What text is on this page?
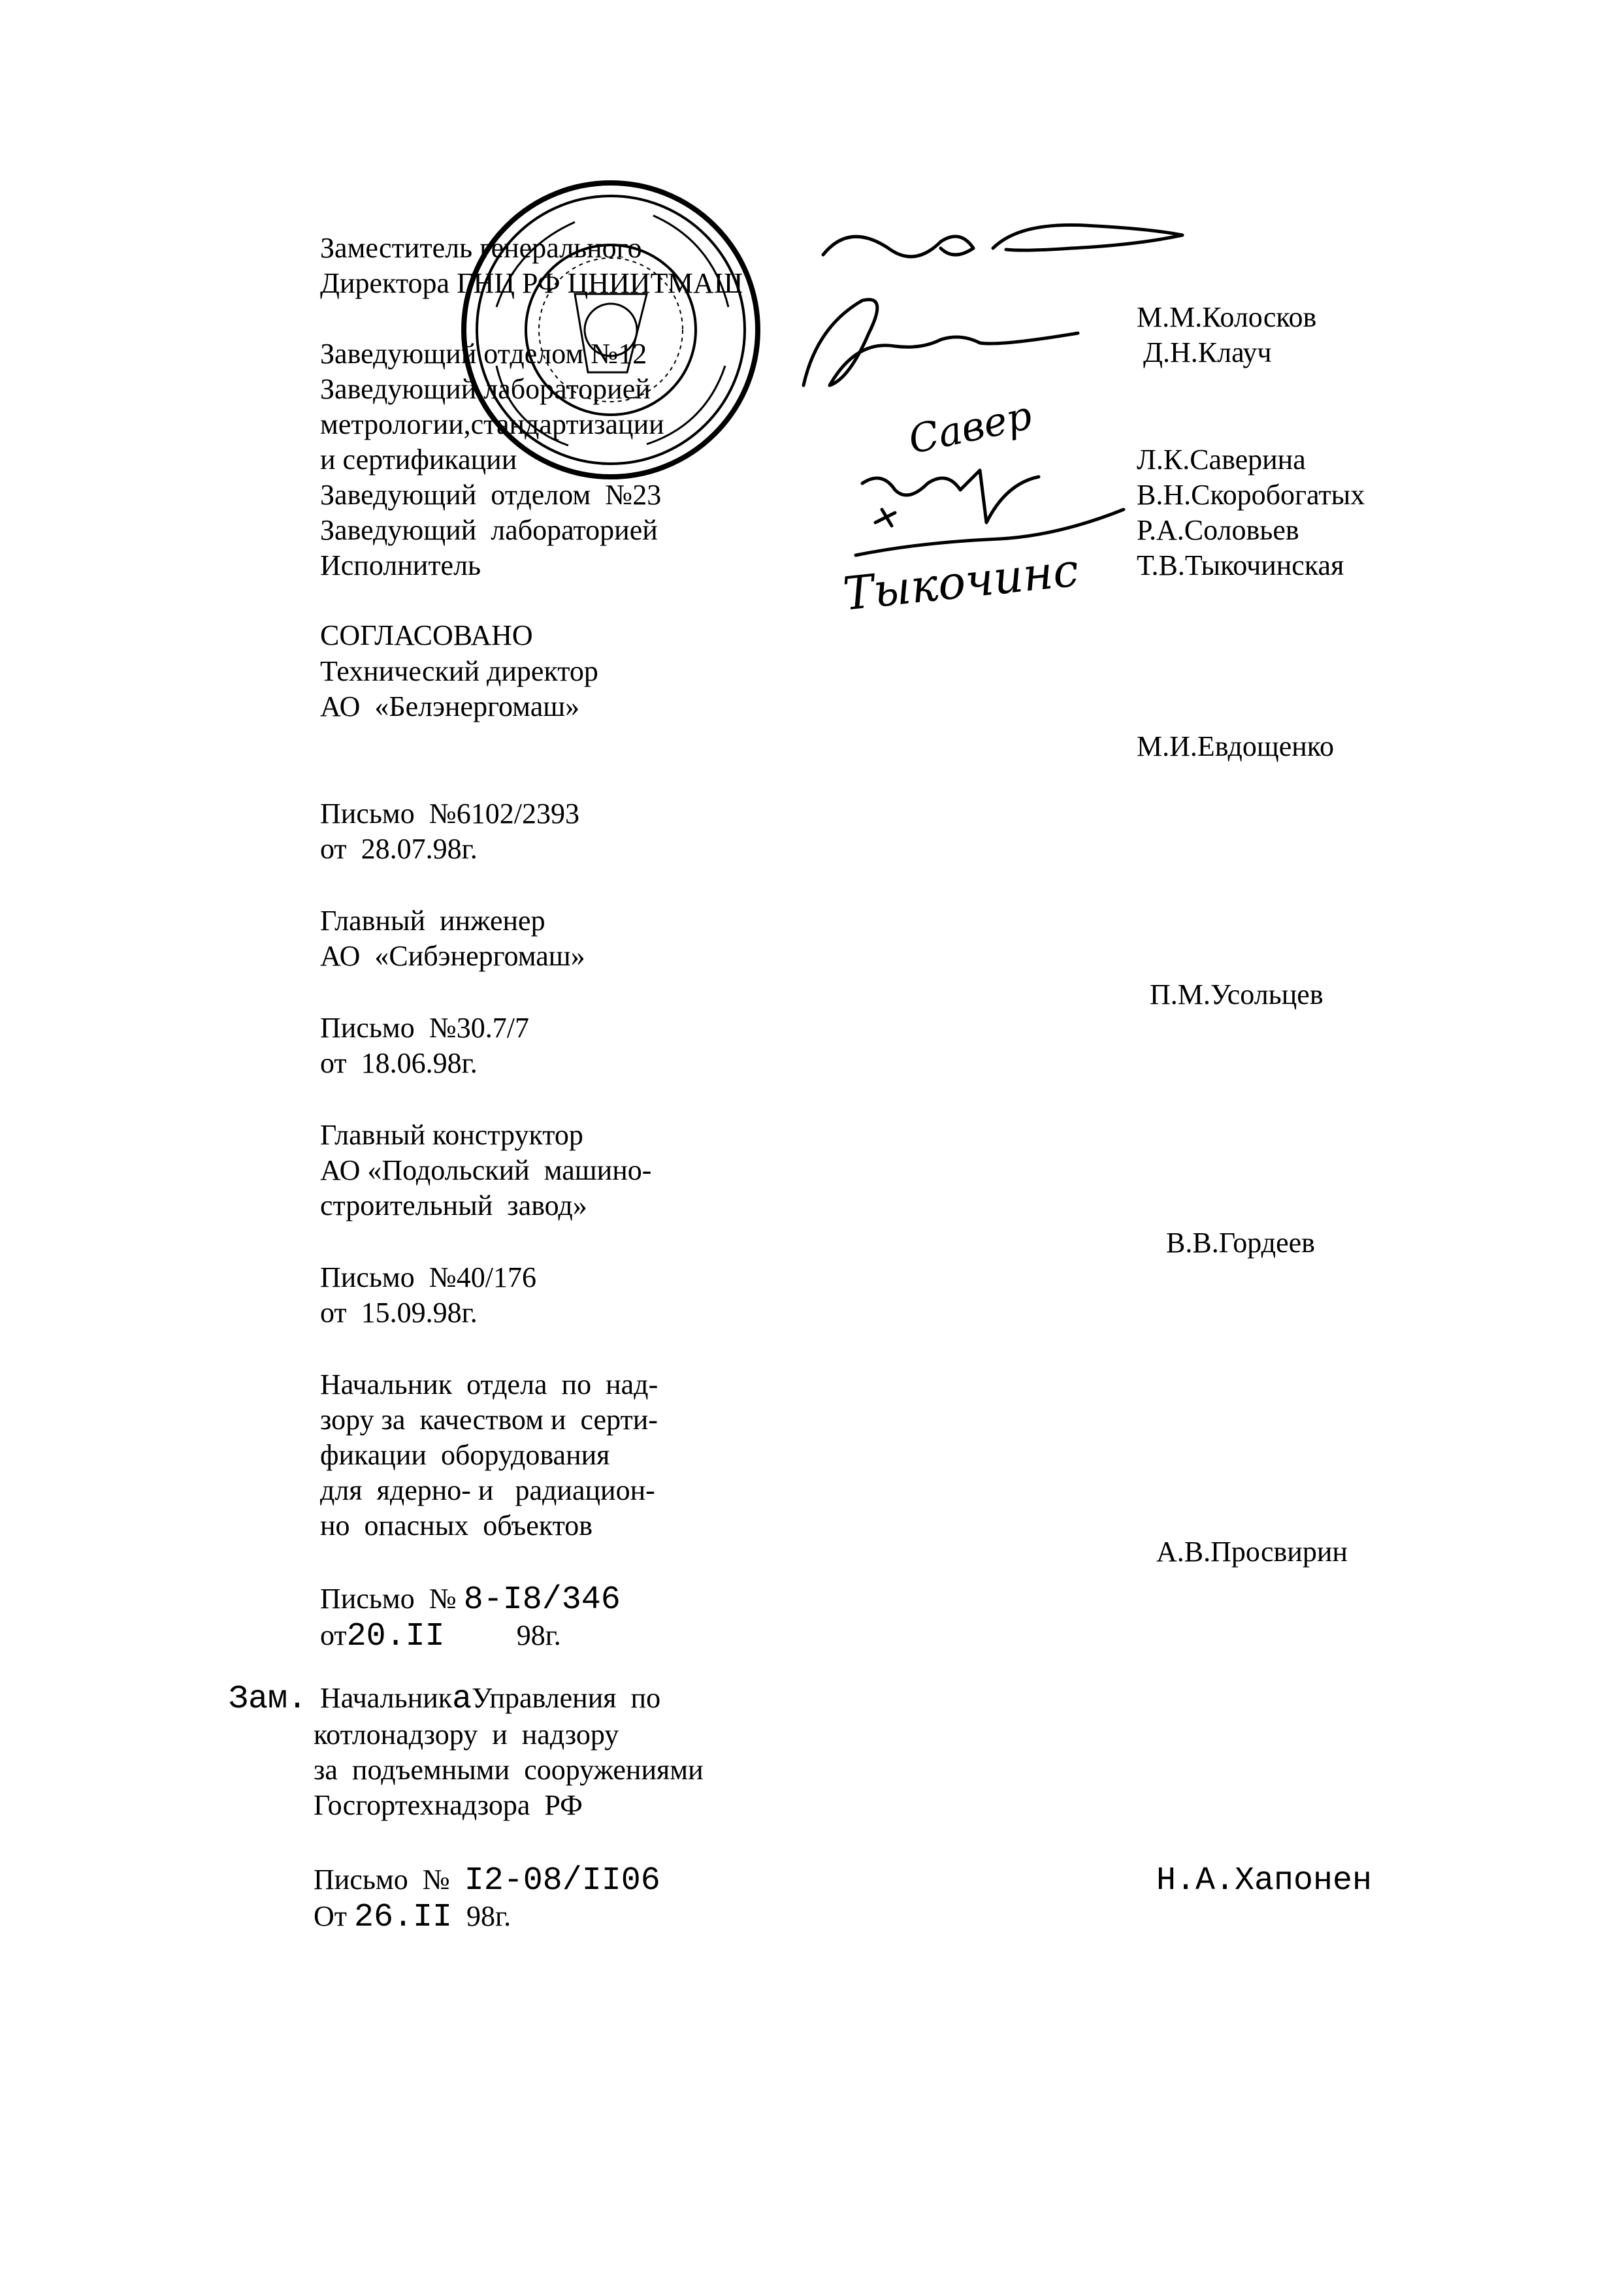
Заместитель генерального
Директора ГНЦ РФ ЦНИИТМАШ
Заведующий отделом №12
Заведующий лабораторией
метрологии,стандартизации
и сертификации
Заведующий  отделом  №23
Заведующий  лабораторией
Исполнитель
Савер
Тыкочинс
М.М.Колосков
Д.Н.Клауч
Л.К.Саверина
В.Н.Скоробогатых
Р.А.Соловьев
Т.В.Тыкочинская
СОГЛАСОВАНО
Технический директор
АО  «Белэнергомаш»
М.И.Евдощенко
Письмо  №6102/2393
от  28.07.98г.
Главный  инженер
АО  «Сибэнергомаш»
П.М.Усольцев
Письмо  №30.7/7
от  18.06.98г.
Главный конструктор
АО «Подольский  машино-
строительный  завод»
В.В.Гордеев
Письмо  №40/176
от  15.09.98г.
Начальник  отдела  по  над-
зору за  качеством и  серти-
фикации  оборудования
для  ядерно- и   радиацион-
но  опасных  объектов
А.В.Просвирин
Письмо  № 8-I8/346
от20.II	98г.
Зам. НачальникаУправления  по
котлонадзору  и  надзору
за  подъемными  сооружениями
Госгортехнадзора  РФ
Письмо  №  I2-08/II06
От 26.II  98г.
Н.А.Хапонен
